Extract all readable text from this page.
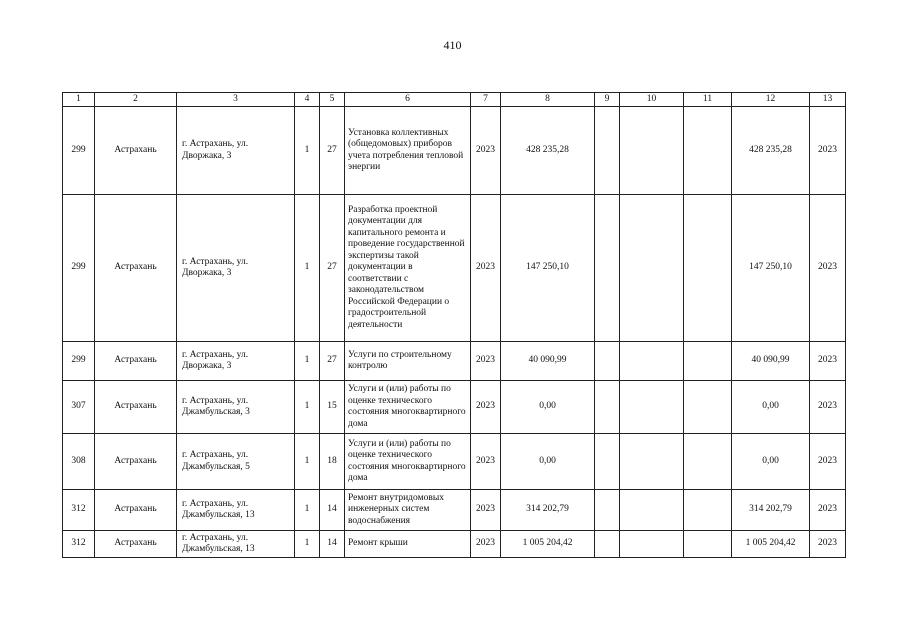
410
1	2	3	4	5	6	7	8	9	10	11	12	13
299	Астрахань	г. Астрахань, ул. Дворжака, 3	1	27	Установка коллективных (общедомовых) приборов учета потребления тепловой энергии	2023	428 235,28				428 235,28	2023
299	Астрахань	г. Астрахань, ул. Дворжака, 3	1	27	Разработка проектной документации для капитального ремонта и проведение государственной экспертизы такой документации в соответствии с законодательством Российской Федерации о градостроительной деятельности	2023	147 250,10				147 250,10	2023
299	Астрахань	г. Астрахань, ул. Дворжака, 3	1	27	Услуги по строительному контролю	2023	40 090,99				40 090,99	2023
307	Астрахань	г. Астрахань, ул. Джамбульская, 3	1	15	Услуги и (или) работы по оценке технического состояния многоквартирного дома	2023	0,00				0,00	2023
308	Астрахань	г. Астрахань, ул. Джамбульская, 5	1	18	Услуги и (или) работы по оценке технического состояния многоквартирного дома	2023	0,00				0,00	2023
312	Астрахань	г. Астрахань, ул. Джамбульская, 13	1	14	Ремонт внутридомовых инженерных систем водоснабжения	2023	314 202,79				314 202,79	2023
312	Астрахань	г. Астрахань, ул. Джамбульская, 13	1	14	Ремонт крыши	2023	1 005 204,42				1 005 204,42	2023
